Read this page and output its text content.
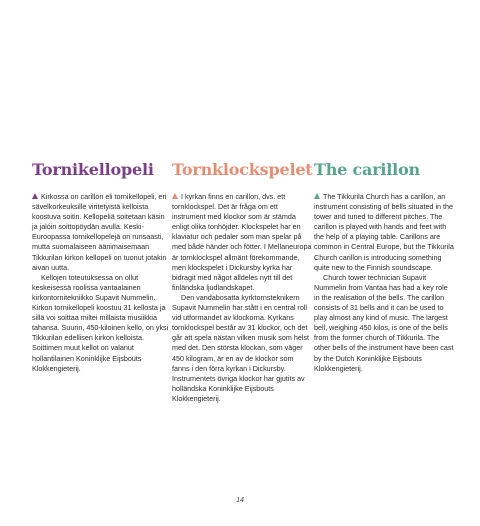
Tornikellopeli

Kirkossa on carillon eli tornikellopeli, eri sävelkorkeuksille viritetyistä kelloista koostuva soitin. Kellopeliä soitetaan käsin ja jalóin soittopöydän avulla. Keski-Euroopassa tornikellopelejä on runsaasti, mutta suomalaiseen äänimaisemaan Tikkurilan kirkon kellopeli on tuonut jotakin aivan uutta.

Kellojen toteutuksessa on ollut keskeisessä roolissa vantaalainen kirkontornitekniikko Supavit Nummelin. Kirkon tornikellopeli koostuu 31 kellosta ja sillä voi soittaa miltei millaista musiikkia tahansa. Suurin, 450-kiloinen kello, on yksi Tikkurilan edellisen kirkon kelloista. Soittimen muut kellot on valanut hollantilainen Koninklijke Eijsbouts Klokkengieterij.

Tornklockspelet

I kyrkan finns en carillon, dvs. ett tornklockspel. Det är fråga om ett instrument med klockor som är stämda enligt olika tonhöjder. Klockspelet har en klaviatur och pedaler som man spelar på med både händer och fötter. I Mellaneuropa är tornklockspel allmänt förekommande, men klockspelet i Dickursby kyrka har bidragit med något alldeles nytt till det finländska ljudlandskapet.

Den vandabosatta kyrktornsteknikern Supavit Nummelin har stått i en central roll vid utformandet av klockorna. Kyrkans tornklockspel består av 31 klockor, och det går att spela nästan vilken musik som helst med det. Den största klockan, som väger 450 kilogram, är en av de klockor som fanns i den förra kyrkan i Dickursby. Instrumentets övriga klockor har gjutits av holländska Koninklijke Eijsbouts Klokkengieterij.

The carillon

The Tikkurila Church has a carillon, an instrument consisting of bells situated in the tower and tuned to different pitches. The carillon is played with hands and feet with the help of a playing table. Carillons are common in Central Europe, but the Tikkurila Church carillon is introducing something quite new to the Finnish soundscape.

Church tower technician Supavit Nummelin from Vantaa has had a key role in the realisation of the bells. The carillon consists of 31 bells and it can be used to play almost any kind of music. The largest bell, weighing 450 kilos, is one of the bells from the former church of Tikkurila. The other bells of the instrument have been cast by the Dutch Koninklijke Eijsbouts Klokkengieterij.

14
